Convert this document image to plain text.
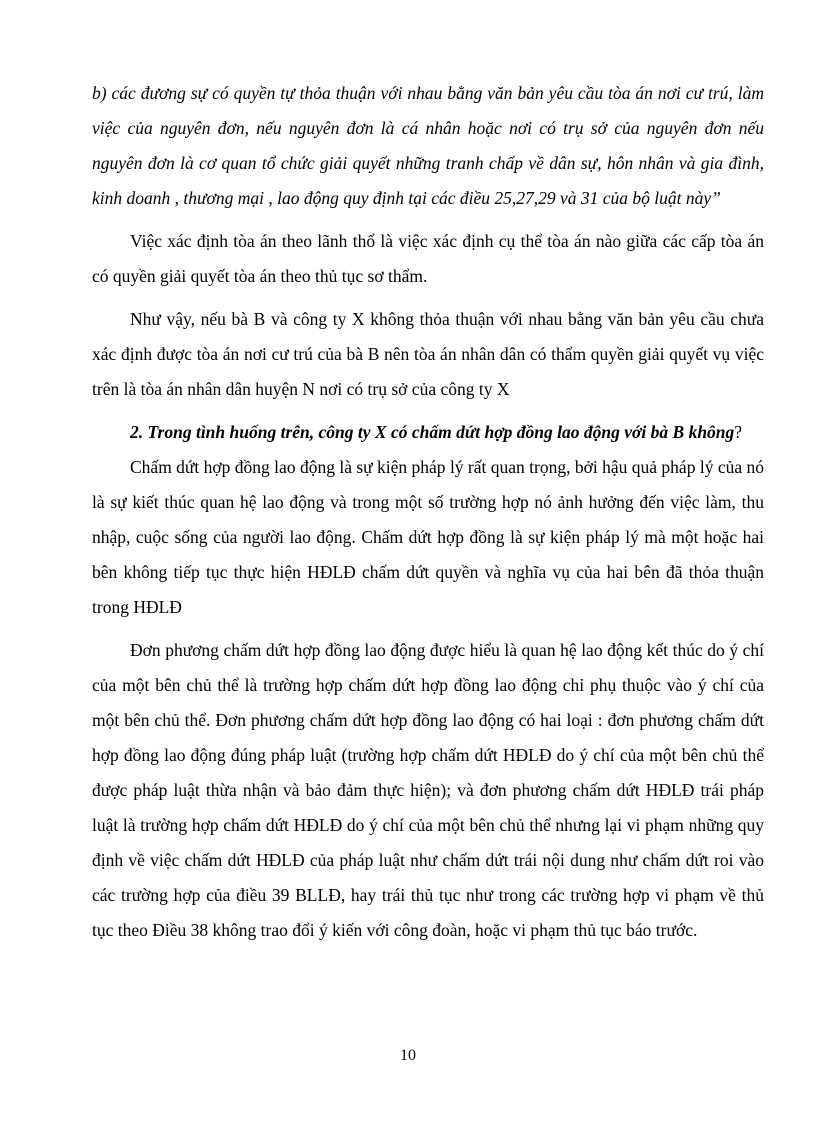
b) các đương sự có quyền tự thỏa thuận với nhau bằng văn bản yêu cầu tòa án nơi cư trú, làm việc của nguyên đơn, nếu nguyên đơn là cá nhân hoặc nơi có trụ sở của nguyên đơn nếu nguyên đơn là cơ quan tổ chức giải quyết những tranh chấp về dân sự, hôn nhân và gia đình, kinh doanh , thương mại , lao động quy định tại các điều 25,27,29 và 31 của bộ luật này”

Việc xác định tòa án theo lãnh thổ là việc xác định cụ thể tòa án nào giữa các cấp tòa án có quyền giải quyết tòa án theo thủ tục sơ thẩm.

Như vậy, nếu bà B và công ty X không thỏa thuận với nhau bằng văn bản yêu cầu chưa xác định được tòa án nơi cư trú của bà B nên tòa án nhân dân có thẩm quyền giải quyết vụ việc trên là tòa án nhân dân huyện N nơi có trụ sở của công ty X

2. Trong tình huống trên, công ty X có chấm dứt hợp đồng lao động với bà B không?

Chấm dứt hợp đồng lao động là sự kiện pháp lý rất quan trọng, bởi hậu quả pháp lý của nó là sự kiết thúc quan hệ lao động và trong một số trường hợp nó ảnh hưởng đến việc làm, thu nhập, cuộc sống của người lao động. Chấm dứt hợp đồng là sự kiện pháp lý mà một hoặc hai bên không tiếp tục thực hiện HĐLĐ chấm dứt quyền và nghĩa vụ của hai bên đã thỏa thuận trong HĐLĐ

Đơn phương chấm dứt hợp đồng lao động được hiểu là quan hệ lao động kết thúc do ý chí của một bên chủ thể là trường hợp chấm dứt hợp đồng lao động chỉ phụ thuộc vào ý chí của một bên chủ thể. Đơn phương chấm dứt hợp đồng lao động có hai loại : đơn phương chấm dứt hợp đồng lao động đúng pháp luật (trường hợp chấm dứt HĐLĐ do ý chí của một bên chủ thể được pháp luật thừa nhận và bảo đảm thực hiện); và đơn phương chấm dứt HĐLĐ trái pháp luật là trường hợp chấm dứt HĐLĐ do ý chí của một bên chủ thể nhưng lại vi phạm những quy định về việc chấm dứt HĐLĐ của pháp luật như chấm dứt trái nội dung như chấm dứt roi vào các trường hợp của điều 39 BLLĐ, hay trái thủ tục như trong các trường hợp vi phạm về thủ tục theo Điều 38 không trao đổi ý kiến với công đoàn, hoặc vi phạm thủ tục báo trước.

10
